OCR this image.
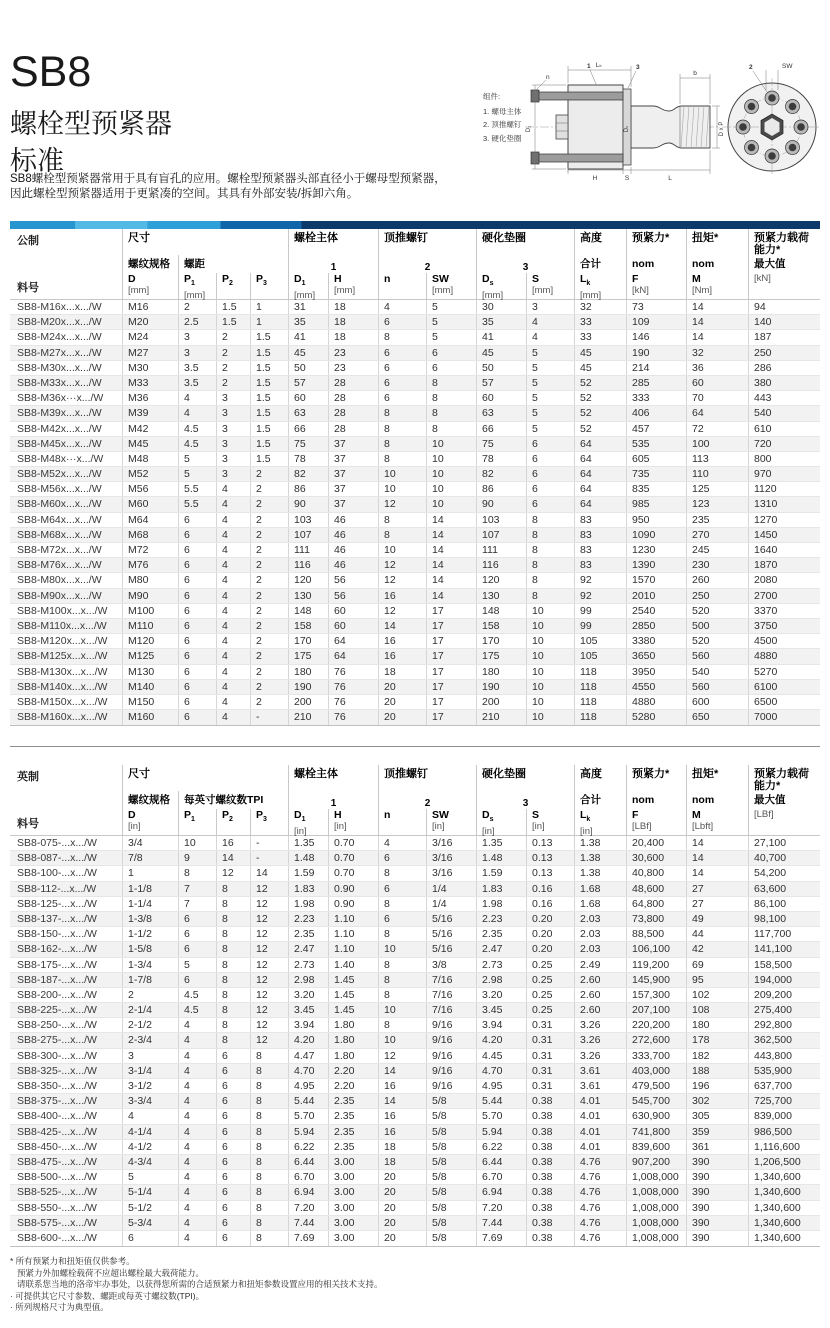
SB8
螺栓型预紧器
标准
SB8螺栓型预紧器常用于具有盲孔的应用。螺栓型预紧器头部直径小于螺母型预紧器，
因此螺栓型预紧器适用于更紧凑的空间。其具有外部安装/拆卸六角。
组件:
1. 螺母主体
2. 顶推螺钉
3. 硬化垫圈
Lₖ
1	3
n
b
D₁	Dₛ	D x P
H	S	L
2	SW
公制
料号
尺寸	螺栓主体	顶推螺钉	硬化垫圈	高度	预紧力*	扭矩*	预紧力载荷能力*
螺纹规格	螺距	1	2	3	合计	nom	nom	最大值
D
[mm]
$P_1$
[mm]
$P_2$	$P_3$	$D_1$
[mm]
H
[mm]
n	SW
[mm]
$D_s$
[mm]
S
[mm]
$L_k$
[mm]
F
[kN]
M
[Nm]
[kN]
SB8-M16x...x.../W	M16	2	1.5	1	31	18	4	5	30	3	32	73	14	94
SB8-M20x...x.../W	M20	2.5	1.5	1	35	18	6	5	35	4	33	109	14	140
SB8-M24x...x.../W	M24	3	2	1.5	41	18	8	5	41	4	33	146	14	187
SB8-M27x...x.../W	M27	3	2	1.5	45	23	6	6	45	5	45	190	32	250
SB8-M30x...x.../W	M30	3.5	2	1.5	50	23	6	6	50	5	45	214	36	286
SB8-M33x...x.../W	M33	3.5	2	1.5	57	28	6	8	57	5	52	285	60	380
SB8-M36x···x.../W	M36	4	3	1.5	60	28	6	8	60	5	52	333	70	443
SB8-M39x...x.../W	M39	4	3	1.5	63	28	8	8	63	5	52	406	64	540
SB8-M42x...x.../W	M42	4.5	3	1.5	66	28	8	8	66	5	52	457	72	610
SB8-M45x...x.../W	M45	4.5	3	1.5	75	37	8	10	75	6	64	535	100	720
SB8-M48x···x.../W	M48	5	3	1.5	78	37	8	10	78	6	64	605	113	800
SB8-M52x...x.../W	M52	5	3	2	82	37	10	10	82	6	64	735	110	970
SB8-M56x...x.../W	M56	5.5	4	2	86	37	10	10	86	6	64	835	125	1120
SB8-M60x...x.../W	M60	5.5	4	2	90	37	12	10	90	6	64	985	123	1310
SB8-M64x...x.../W	M64	6	4	2	103	46	8	14	103	8	83	950	235	1270
SB8-M68x...x.../W	M68	6	4	2	107	46	8	14	107	8	83	1090	270	1450
SB8-M72x...x.../W	M72	6	4	2	111	46	10	14	111	8	83	1230	245	1640
SB8-M76x...x.../W	M76	6	4	2	116	46	12	14	116	8	83	1390	230	1870
SB8-M80x...x.../W	M80	6	4	2	120	56	12	14	120	8	92	1570	260	2080
SB8-M90x...x.../W	M90	6	4	2	130	56	16	14	130	8	92	2010	250	2700
SB8-M100x...x.../W	M100	6	4	2	148	60	12	17	148	10	99	2540	520	3370
SB8-M110x...x.../W	M110	6	4	2	158	60	14	17	158	10	99	2850	500	3750
SB8-M120x...x.../W	M120	6	4	2	170	64	16	17	170	10	105	3380	520	4500
SB8-M125x...x.../W	M125	6	4	2	175	64	16	17	175	10	105	3650	560	4880
SB8-M130x...x.../W	M130	6	4	2	180	76	18	17	180	10	118	3950	540	5270
SB8-M140x...x.../W	M140	6	4	2	190	76	20	17	190	10	118	4550	560	6100
SB8-M150x...x.../W	M150	6	4	2	200	76	20	17	200	10	118	4880	600	6500
SB8-M160x...x.../W	M160	6	4	-	210	76	20	17	210	10	118	5280	650	7000
英制
料号
尺寸	螺栓主体	顶推螺钉	硬化垫圈	高度	预紧力*	扭矩*	预紧力载荷能力*
螺纹规格	每英寸螺纹数TPI	1	2	3	合计	nom	nom	最大值
D
[in]
$P_1$	$P_2$	$P_3$	$D_1$
[in]
H
[in]
n	SW
[in]
$D_s$
[in]
S
[in]
$L_k$
[in]
F
[LBf]
M
[Lbft]
[LBf]
SB8-075-...x.../W	3/4	10	16	-	1.35	0.70	4	3/16	1.35	0.13	1.38	20,400	14	27,100
SB8-087-...x.../W	7/8	9	14	-	1.48	0.70	6	3/16	1.48	0.13	1.38	30,600	14	40,700
SB8-100-...x.../W	1	8	12	14	1.59	0.70	8	3/16	1.59	0.13	1.38	40,800	14	54,200
SB8-112-...x.../W	1-1/8	7	8	12	1.83	0.90	6	1/4	1.83	0.16	1.68	48,600	27	63,600
SB8-125-...x.../W	1-1/4	7	8	12	1.98	0.90	8	1/4	1.98	0.16	1.68	64,800	27	86,100
SB8-137-...x.../W	1-3/8	6	8	12	2.23	1.10	6	5/16	2.23	0.20	2.03	73,800	49	98,100
SB8-150-...x.../W	1-1/2	6	8	12	2.35	1.10	8	5/16	2.35	0.20	2.03	88,500	44	117,700
SB8-162-...x.../W	1-5/8	6	8	12	2.47	1.10	10	5/16	2.47	0.20	2.03	106,100	42	141,100
SB8-175-...x.../W	1-3/4	5	8	12	2.73	1.40	8	3/8	2.73	0.25	2.49	119,200	69	158,500
SB8-187-...x.../W	1-7/8	6	8	12	2.98	1.45	8	7/16	2.98	0.25	2.60	145,900	95	194,000
SB8-200-...x.../W	2	4.5	8	12	3.20	1.45	8	7/16	3.20	0.25	2.60	157,300	102	209,200
SB8-225-...x.../W	2-1/4	4.5	8	12	3.45	1.45	10	7/16	3.45	0.25	2.60	207,100	108	275,400
SB8-250-...x.../W	2-1/2	4	8	12	3.94	1.80	8	9/16	3.94	0.31	3.26	220,200	180	292,800
SB8-275-...x.../W	2-3/4	4	8	12	4.20	1.80	10	9/16	4.20	0.31	3.26	272,600	178	362,500
SB8-300-...x.../W	3	4	6	8	4.47	1.80	12	9/16	4.45	0.31	3.26	333,700	182	443,800
SB8-325-...x.../W	3-1/4	4	6	8	4.70	2.20	14	9/16	4.70	0.31	3.61	403,000	188	535,900
SB8-350-...x.../W	3-1/2	4	6	8	4.95	2.20	16	9/16	4.95	0.31	3.61	479,500	196	637,700
SB8-375-...x.../W	3-3/4	4	6	8	5.44	2.35	14	5/8	5.44	0.38	4.01	545,700	302	725,700
SB8-400-...x.../W	4	4	6	8	5.70	2.35	16	5/8	5.70	0.38	4.01	630,900	305	839,000
SB8-425-...x.../W	4-1/4	4	6	8	5.94	2.35	16	5/8	5.94	0.38	4.01	741,800	359	986,500
SB8-450-...x.../W	4-1/2	4	6	8	6.22	2.35	18	5/8	6.22	0.38	4.01	839,600	361	1,116,600
SB8-475-...x.../W	4-3/4	4	6	8	6.44	3.00	18	5/8	6.44	0.38	4.76	907,200	390	1,206,500
SB8-500-...x.../W	5	4	6	8	6.70	3.00	20	5/8	6.70	0.38	4.76	1,008,000	390	1,340,600
SB8-525-...x.../W	5-1/4	4	6	8	6.94	3.00	20	5/8	6.94	0.38	4.76	1,008,000	390	1,340,600
SB8-550-...x.../W	5-1/2	4	6	8	7.20	3.00	20	5/8	7.20	0.38	4.76	1,008,000	390	1,340,600
SB8-575-...x.../W	5-3/4	4	6	8	7.44	3.00	20	5/8	7.44	0.38	4.76	1,008,000	390	1,340,600
SB8-600-...x.../W	6	4	6	8	7.69	3.00	20	5/8	7.69	0.38	4.76	1,008,000	390	1,340,600
* 所有预紧力和扭矩值仅供参考。
预紧力外加螺栓载荷不应超出螺栓最大载荷能力。
请联系您当地的洛帝牢办事处，以获得您所需的合适预紧力和扭矩参数设置应用的相关技术支持。
· 可提供其它尺寸参数、螺距或每英寸螺纹数(TPI)。
· 所列规格尺寸为典型值。
